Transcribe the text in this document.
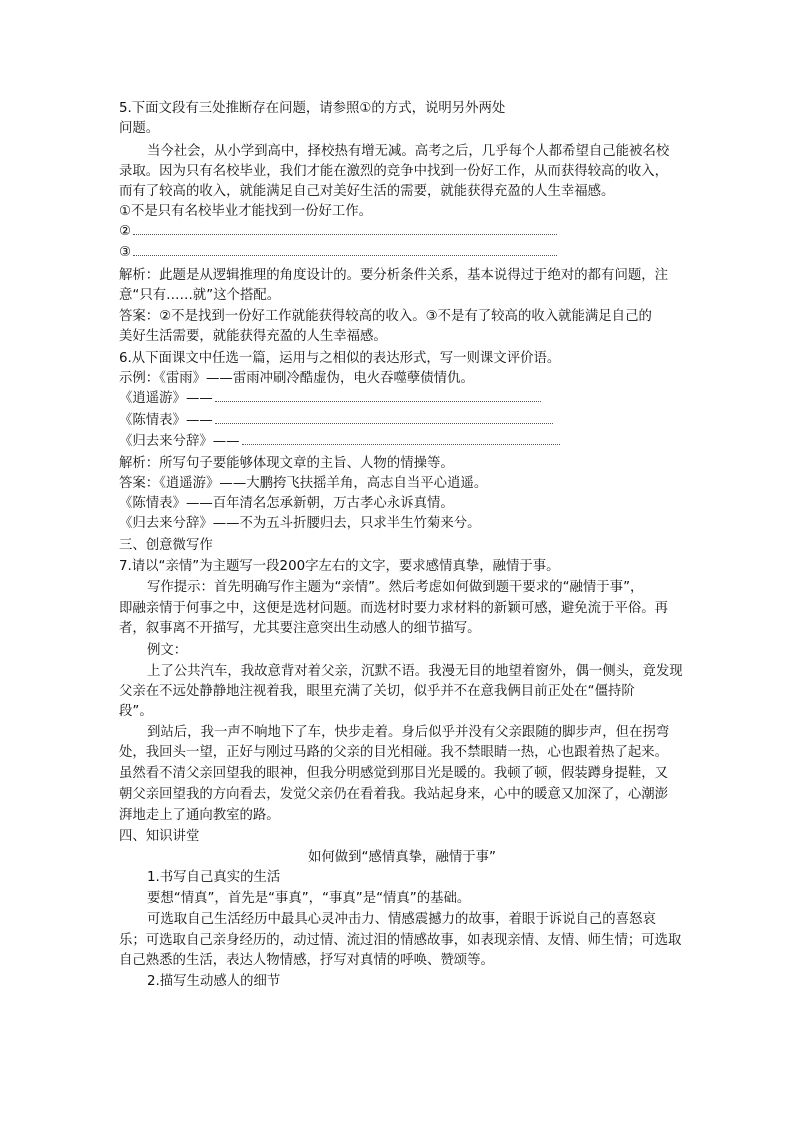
5.下面文段有三处推断存在问题，请参照①的方式，说明另外两处
问题。
当今社会，从小学到高中，择校热有增无减。高考之后，几乎每个人都希望自己能被名校
录取。因为只有名校毕业，我们才能在激烈的竞争中找到一份好工作，从而获得较高的收入，
而有了较高的收入，就能满足自己对美好生活的需要，就能获得充盈的人生幸福感。
①不是只有名校毕业才能找到一份好工作。
②
③
解析：此题是从逻辑推理的角度设计的。要分析条件关系，基本说得过于绝对的都有问题，注
意“只有……就”这个搭配。
答案：②不是找到一份好工作就能获得较高的收入。③不是有了较高的收入就能满足自己的
美好生活需要，就能获得充盈的人生幸福感。
6.从下面课文中任选一篇，运用与之相似的表达形式，写一则课文评价语。
示例：《雷雨》——雷雨冲刷冷酷虚伪，电火吞噬孽债情仇。
《逍遥游》——
《陈情表》——
《归去来兮辞》——
解析：所写句子要能够体现文章的主旨、人物的情操等。
答案：《逍遥游》——大鹏挎飞扶摇羊角，高志自当平心逍遥。
《陈情表》——百年清名怎承新朝，万古孝心永诉真情。
《归去来兮辞》——不为五斗折腰归去，只求半生竹菊来兮。
三、创意微写作
7.请以“亲情”为主题写一段200字左右的文字，要求感情真挚，融情于事。
写作提示：首先明确写作主题为“亲情”。然后考虑如何做到题干要求的“融情于事”，
即融亲情于何事之中，这便是选材问题。而选材时要力求材料的新颖可感，避免流于平俗。再
者，叙事离不开描写，尤其要注意突出生动感人的细节描写。
例文：
上了公共汽车，我故意背对着父亲，沉默不语。我漫无目的地望着窗外，偶一侧头，竟发现
父亲在不远处静静地注视着我，眼里充满了关切，似乎并不在意我俩目前正处在“僵持阶
段”。
到站后，我一声不响地下了车，快步走着。身后似乎并没有父亲跟随的脚步声，但在拐弯
处，我回头一望，正好与刚过马路的父亲的目光相碰。我不禁眼睛一热，心也跟着热了起来。
虽然看不清父亲回望我的眼神，但我分明感觉到那目光是暖的。我顿了顿，假装蹲身提鞋，又
朝父亲回望我的方向看去，发觉父亲仍在看着我。我站起身来，心中的暖意又加深了，心潮澎
湃地走上了通向教室的路。
四、知识讲堂
如何做到“感情真挚，融情于事”
1.书写自己真实的生活
要想“情真”，首先是“事真”，“事真”是“情真”的基础。
可选取自己生活经历中最具心灵冲击力、情感震撼力的故事，着眼于诉说自己的喜怒哀
乐；可选取自己亲身经历的，动过情、流过泪的情感故事，如表现亲情、友情、师生情；可选取
自己熟悉的生活，表达人物情感，抒写对真情的呼唤、赞颂等。
2.描写生动感人的细节
